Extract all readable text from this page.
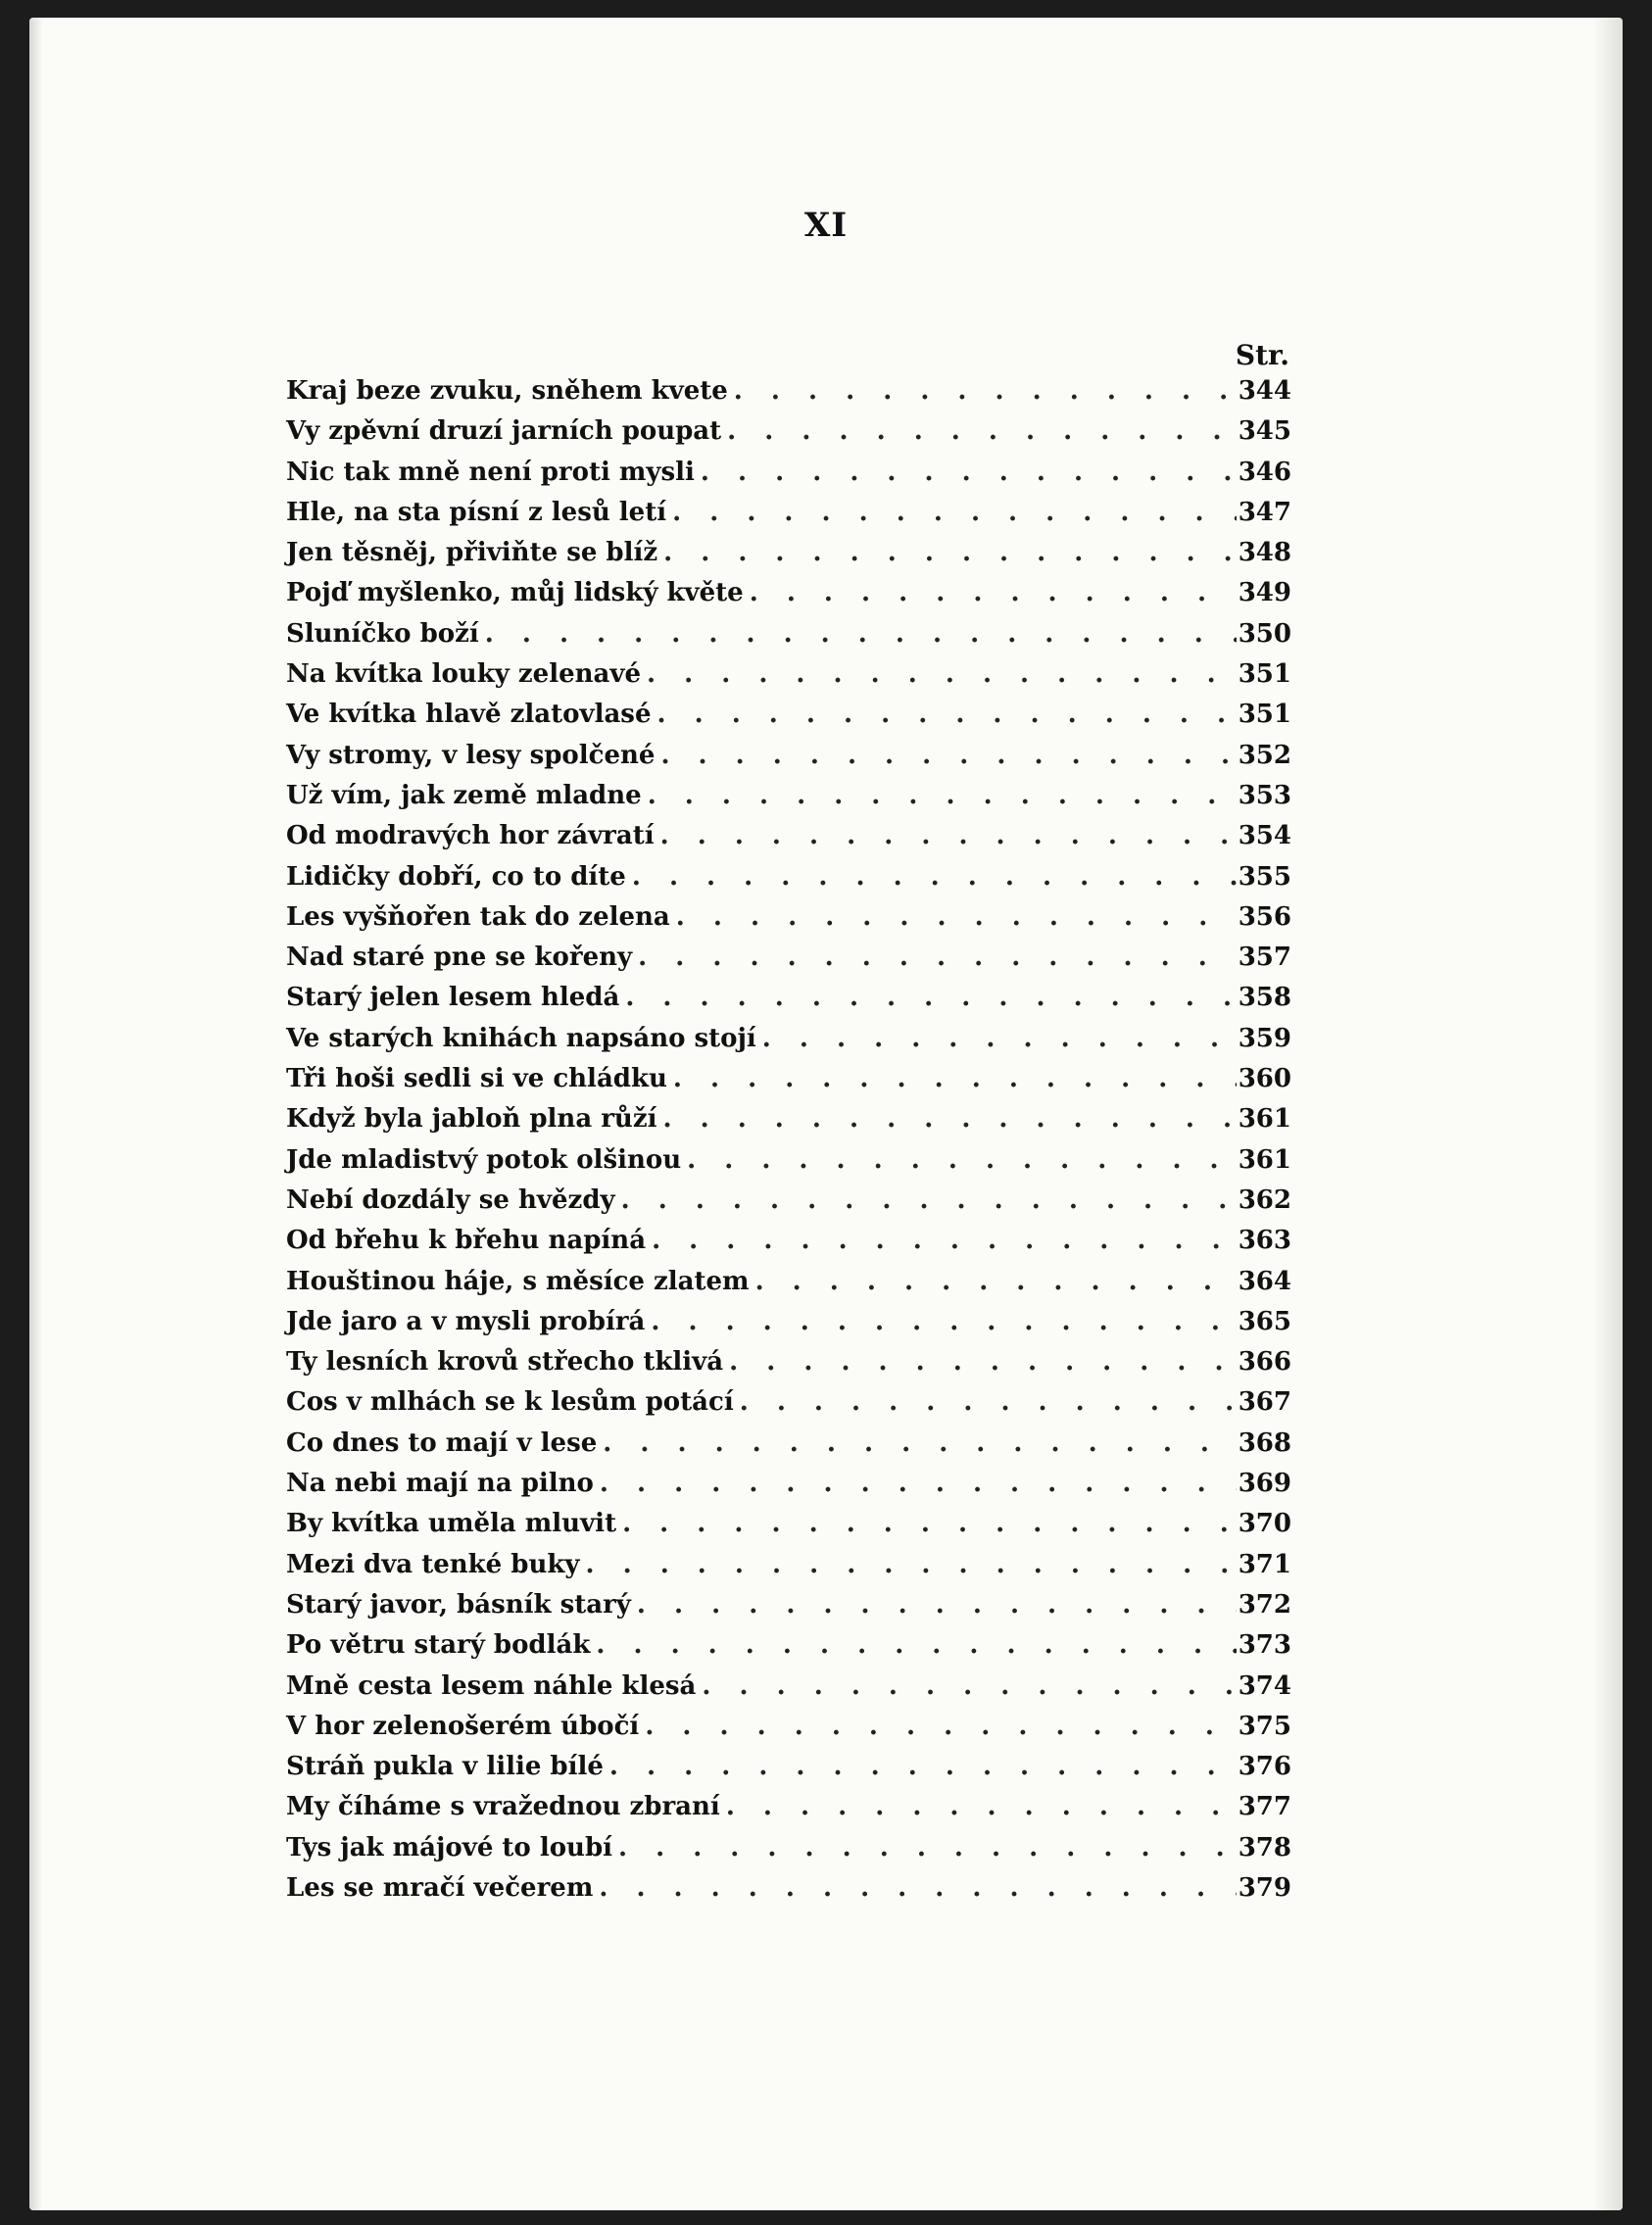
XI
Str.
Kraj beze zvuku, sněhem kvete . . .	344
Vy zpěvní druzí jarních poupat . . .	345
Nic tak mně není proti mysli . . .	346
Hle, na sta písní z lesů letí . . .	347
Jen těsněj, přiviňte se blíž . . .	348
Pojď myšlenko, můj lidský květe . . .	349
Sluníčko boží . . .	350
Na kvítka louky zelenavé . . .	351
Ve kvítka hlavě zlatovlasé . . .	351
Vy stromy, v lesy spolčené . . .	352
Už vím, jak země mladne . . .	353
Od modravých hor závratí . . .	354
Lidičky dobří, co to díte . . .	355
Les vyšňořen tak do zelena . . .	356
Nad staré pne se kořeny . . .	357
Starý jelen lesem hledá . . .	358
Ve starých knihách napsáno stojí . . .	359
Tři hoši sedli si ve chládku . . .	360
Když byla jabloň plna růží . . .	361
Jde mladistvý potok olšinou . . .	361
Nebí dozdály se hvězdy . . .	362
Od břehu k břehu napíná . . .	363
Houštinou háje, s měsíce zlatem . . .	364
Jde jaro a v mysli probírá . . .	365
Ty lesních krovů střecho tklivá . . .	366
Cos v mlhách se k lesům potácí . . .	367
Co dnes to mají v lese . . .	368
Na nebi mají na pilno . . .	369
By kvítka uměla mluvit . . .	370
Mezi dva tenké buky . . .	371
Starý javor, básník starý . . .	372
Po větru starý bodlák . . .	373
Mně cesta lesem náhle klesá . . .	374
V hor zelenošerém úbočí . . .	375
Stráň pukla v lilie bílé . . .	376
My číháme s vražednou zbraní . . .	377
Tys jak májové to loubí . . .	378
Les se mračí večerem . . .	379
